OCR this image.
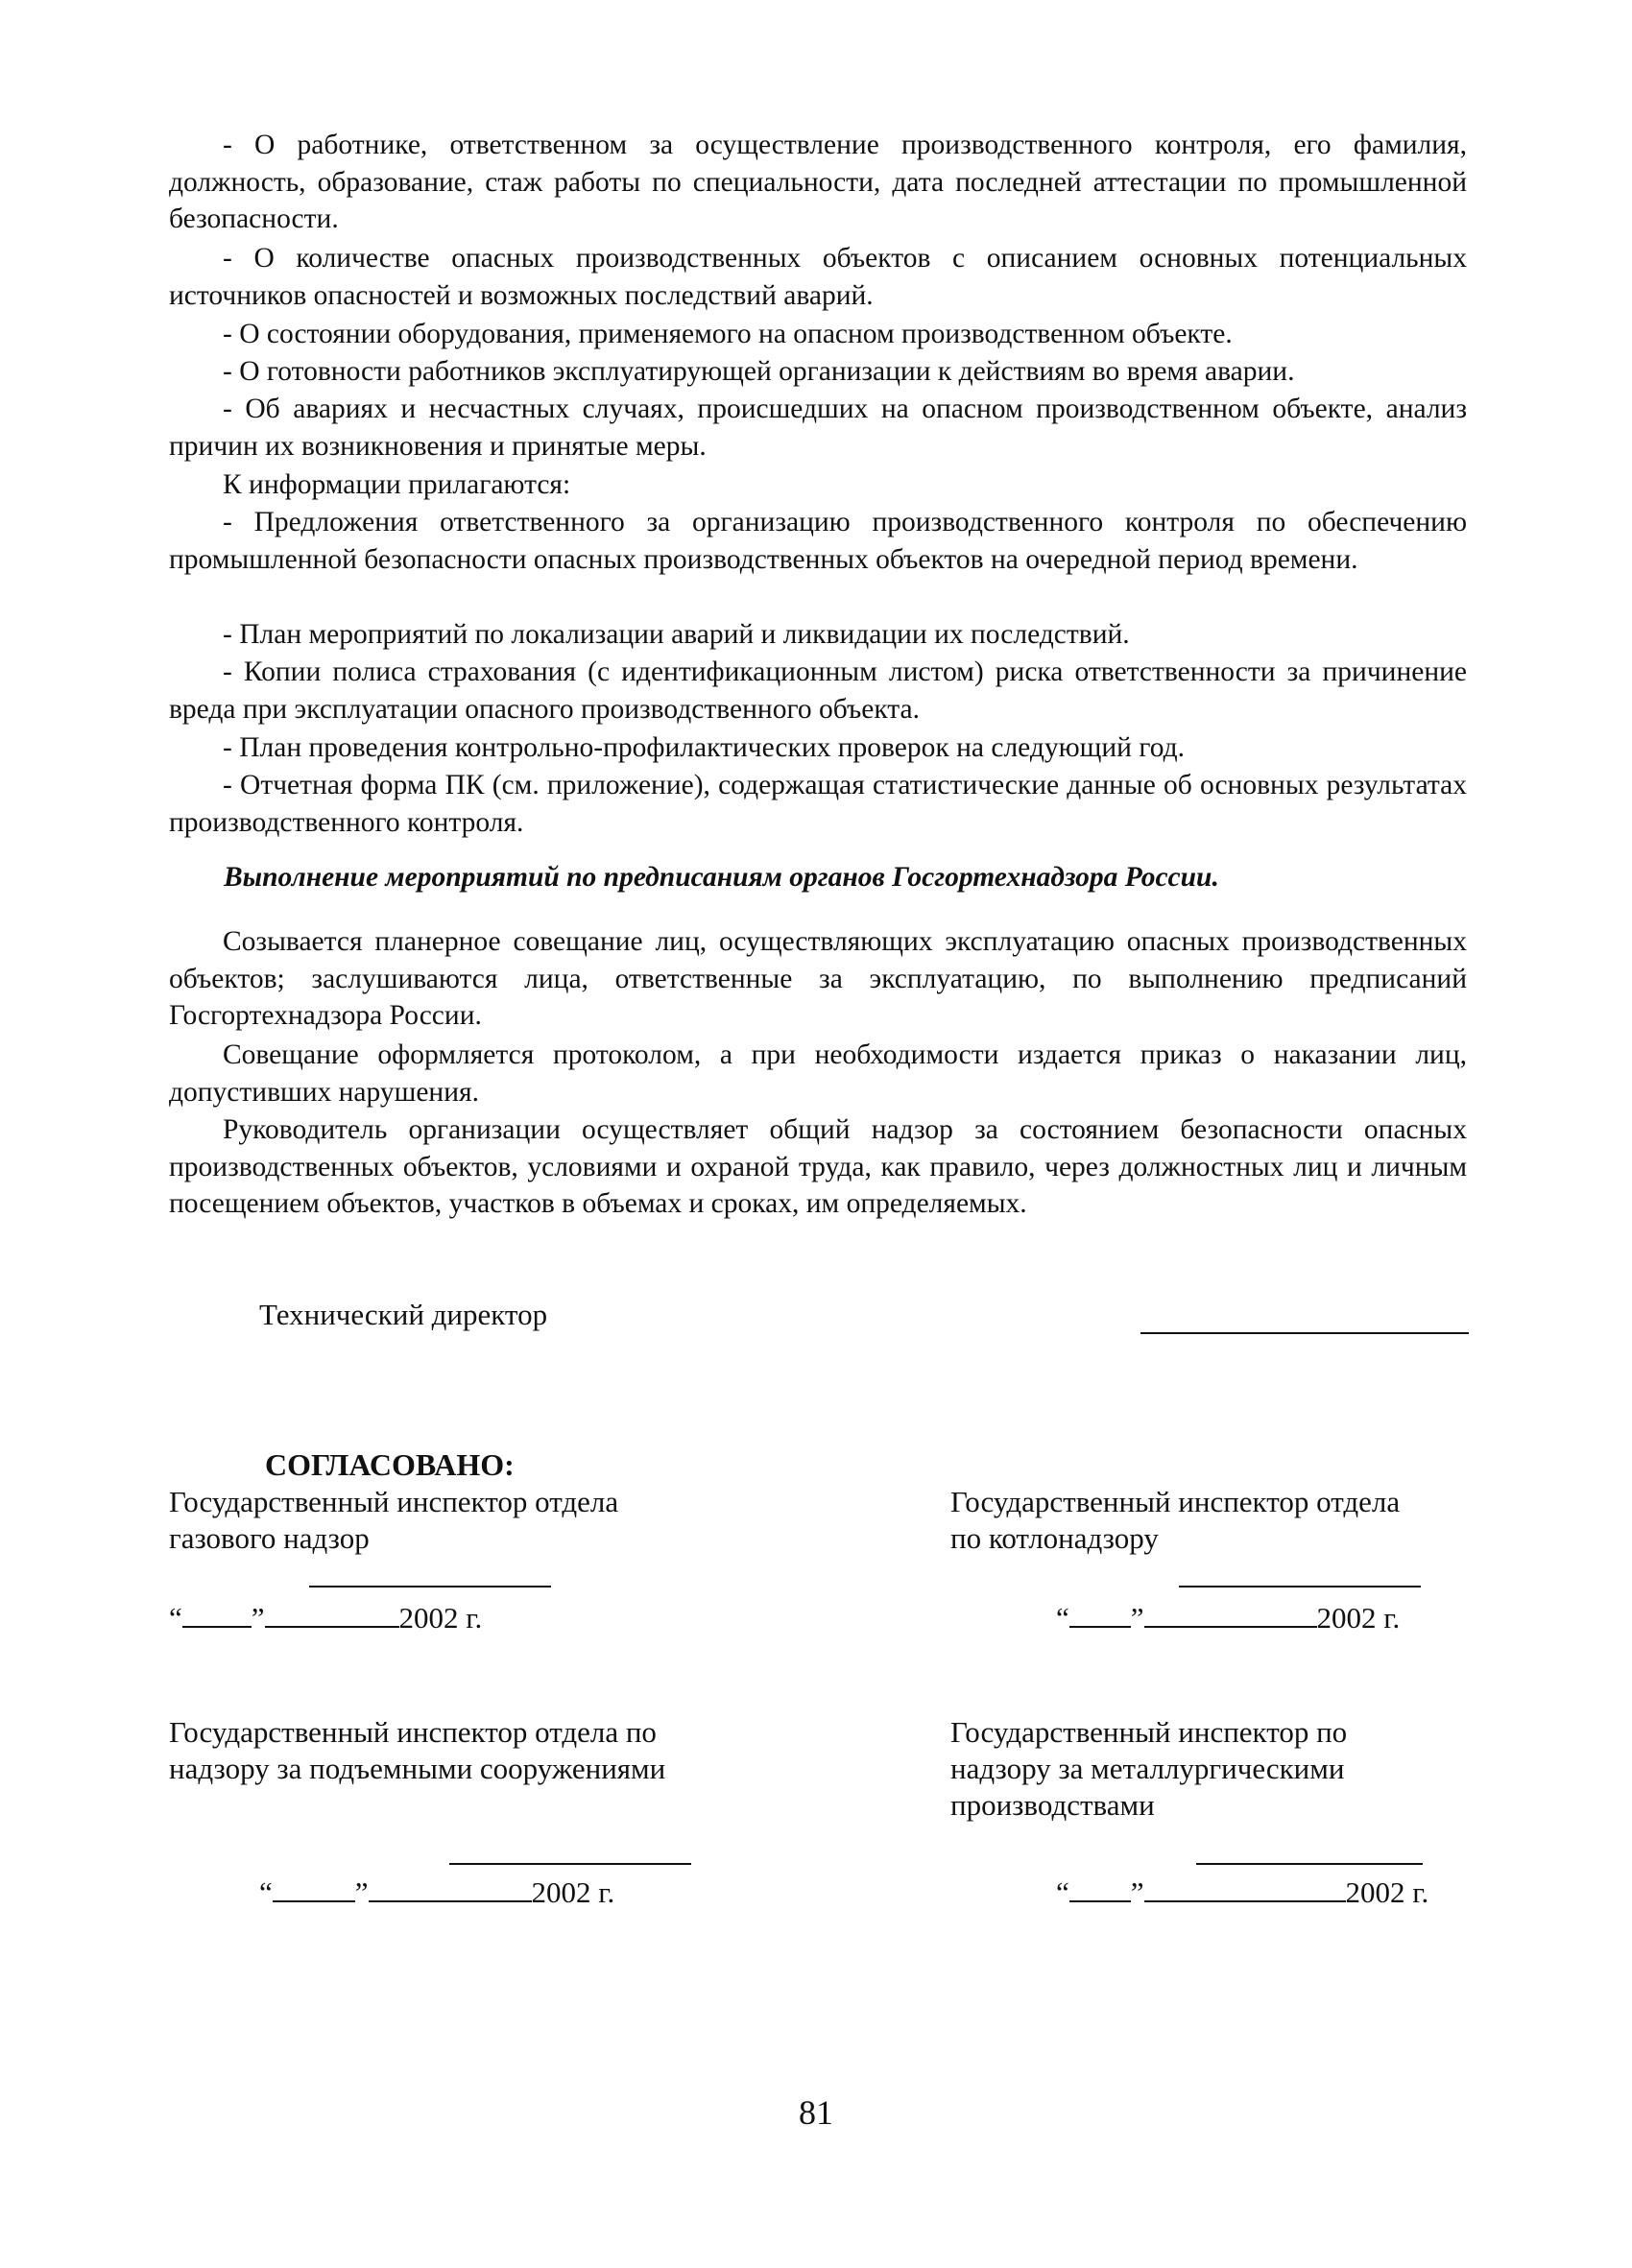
- О работнике, ответственном за осуществление производственного контроля, его фамилия, должность, образование, стаж работы по специальности, дата последней аттестации по промышленной безопасности.

- О количестве опасных производственных объектов с описанием основных потенциальных источников опасностей и возможных последствий аварий.

- О состоянии оборудования, применяемого на опасном производственном объекте.

- О готовности работников эксплуатирующей организации к действиям во время аварии.

- Об авариях и несчастных случаях, происшедших на опасном производственном объекте, анализ причин их возникновения и принятые меры.

К информации прилагаются:

- Предложения ответственного за организацию производственного контроля по обеспечению промышленной безопасности опасных производственных объектов на очередной период времени.

- План мероприятий по локализации аварий и ликвидации их последствий.

- Копии полиса страхования (с идентификационным листом) риска ответственности за причинение вреда при эксплуатации опасного производственного объекта.

- План проведения контрольно-профилактических проверок на следующий год.

- Отчетная форма ПК (см. приложение), содержащая статистические данные об основных результатах производственного контроля.

Выполнение мероприятий по предписаниям органов Госгортехнадзора России.

Созывается планерное совещание лиц, осуществляющих эксплуатацию опасных производственных объектов; заслушиваются лица, ответственные за эксплуатацию, по выполнению предписаний Госгортехнадзора России.

Совещание оформляется протоколом, а при необходимости издается приказ о наказании лиц, допустивших нарушения.

Руководитель организации осуществляет общий надзор за состоянием безопасности опасных производственных объектов, условиями и охраной труда, как правило, через должностных лиц и личным посещением объектов, участков в объемах и сроках, им определяемых.

Технический директор
СОГЛАСОВАНО:
Государственный инспектор отдела
газового надзор
“ ”	2002 г.
Государственный инспектор отдела
по котлонадзору
“ ”	2002 г.
Государственный инспектор отдела по
надзору за подъемными сооружениями
“	”	2002 г.
Государственный инспектор по
надзору за металлургическими
производствами
“ ”	2002 г.
81
